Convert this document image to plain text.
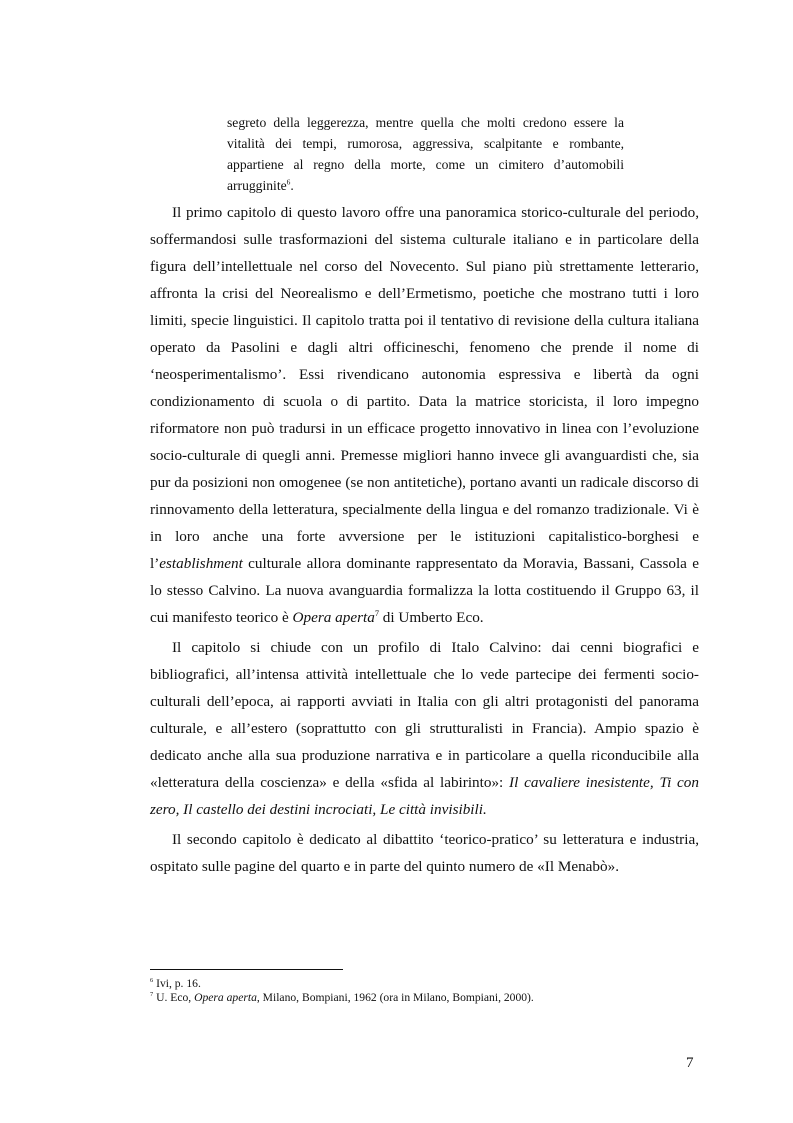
segreto della leggerezza, mentre quella che molti credono essere la vitalità dei tempi, rumorosa, aggressiva, scalpitante e rombante, appartiene al regno della morte, come un cimitero d’automobili arrugginite$^6$.

Il primo capitolo di questo lavoro offre una panoramica storico-culturale del periodo, soffermandosi sulle trasformazioni del sistema culturale italiano e in particolare della figura dell’intellettuale nel corso del Novecento. Sul piano più strettamente letterario, affronta la crisi del Neorealismo e dell’Ermetismo, poetiche che mostrano tutti i loro limiti, specie linguistici. Il capitolo tratta poi il tentativo di revisione della cultura italiana operato da Pasolini e dagli altri officineschi, fenomeno che prende il nome di ‘neosperimentalismo’. Essi rivendicano autonomia espressiva e libertà da ogni condizionamento di scuola o di partito. Data la matrice storicista, il loro impegno riformatore non può tradursi in un efficace progetto innovativo in linea con l’evoluzione socio-culturale di quegli anni. Premesse migliori hanno invece gli avanguardisti che, sia pur da posizioni non omogenee (se non antitetiche), portano avanti un radicale discorso di rinnovamento della letteratura, specialmente della lingua e del romanzo tradizionale. Vi è in loro anche una forte avversione per le istituzioni capitalistico-borghesi e l’establishment culturale allora dominante rappresentato da Moravia, Bassani, Cassola e lo stesso Calvino. La nuova avanguardia formalizza la lotta costituendo il Gruppo 63, il cui manifesto teorico è Opera aperta$^7$ di Umberto Eco.

Il capitolo si chiude con un profilo di Italo Calvino: dai cenni biografici e bibliografici, all’intensa attività intellettuale che lo vede partecipe dei fermenti socio-culturali dell’epoca, ai rapporti avviati in Italia con gli altri protagonisti del panorama culturale, e all’estero (soprattutto con gli strutturalisti in Francia). Ampio spazio è dedicato anche alla sua produzione narrativa e in particolare a quella riconducibile alla «letteratura della coscienza» e della «sfida al labirinto»: Il cavaliere inesistente, Ti con zero, Il castello dei destini incrociati, Le città invisibili.

Il secondo capitolo è dedicato al dibattito ‘teorico-pratico’ su letteratura e industria, ospitato sulle pagine del quarto e in parte del quinto numero de «Il Menabò».

$^6$ Ivi, p. 16.
$^7$ U. Eco, Opera aperta, Milano, Bompiani, 1962 (ora in Milano, Bompiani, 2000).
7
